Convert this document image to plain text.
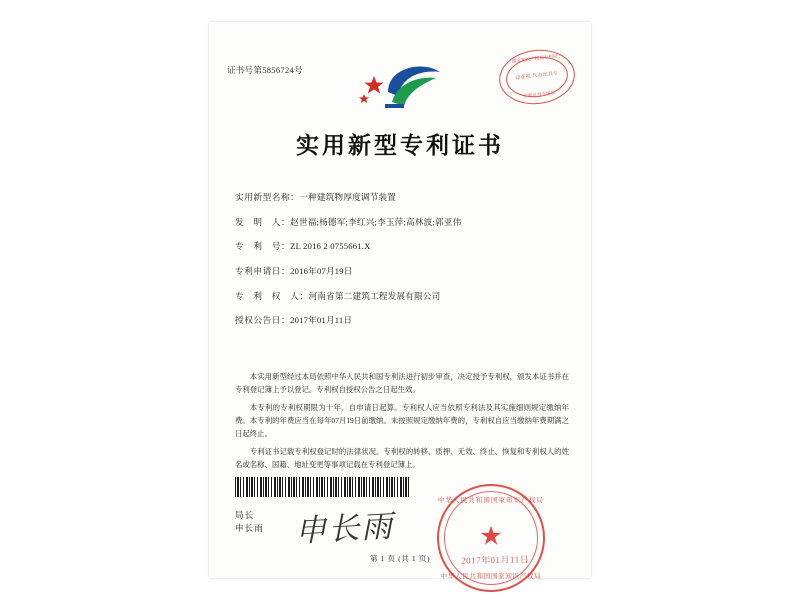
证书号第5856724号
国家知识产权局专利局
印花税 代办出具专
专利证书专用章
实用新型专利证书
实用新型名称：一种建筑物厚度调节装置
发　明　人：赵世福;杨德军;李红兴;李玉萍;高林波;郭亚伟
专　利　号：ZL 2016 2 0755661.X
专利申请日：2016年07月19日
专　利　权　人：河南省第二建筑工程发展有限公司
授权公告日：2017年01月11日

本实用新型经过本局依照中华人民共和国专利法进行初步审查，决定授予专利权，颁发本证书并在专利登记簿上予以登记。专利权自授权公告之日起生效。

本专利的专利权期限为十年，自申请日起算。专利权人应当依照专利法及其实施细则规定缴纳年费。本专利的年费应当在每年07月19日前缴纳。未按照规定缴纳年费的，专利权自应当缴纳年费期满之日起终止。

专利证书记载专利权登记时的法律状况。专利权的转移、质押、无效、终止、恢复和专利权人的姓名或名称、国籍、地址变更等事项记载在专利登记簿上。

局长
申长雨 申长雨
中华人民共和国国家知识产权局
★
中华人民共和国国家知识产权局
2017年01月11日
第 1 页 (共 1 页)
